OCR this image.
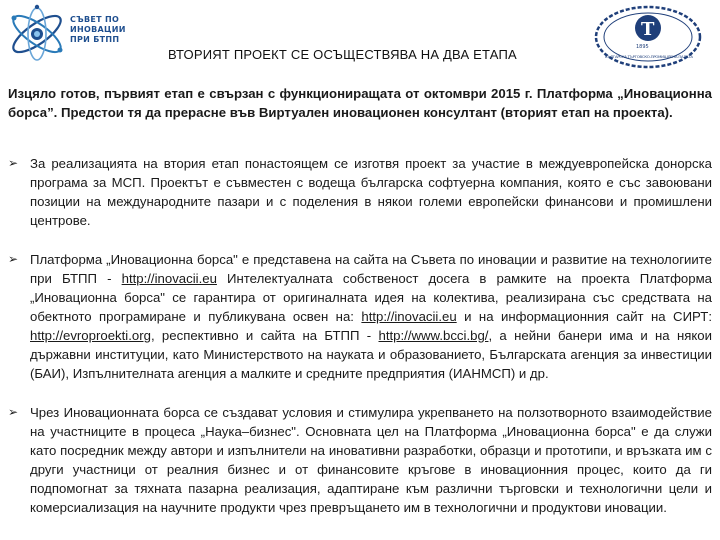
СЪВЕТ ПО
ИНОВАЦИИ
ПРИ БТПП	T
1895
БЪЛГАРСКА ТЪРГОВСКО-ПРОМИШЛЕНА ПАЛАТА
ВТОРИЯТ ПРОЕКТ СЕ ОСЪЩЕСТВЯВА НА ДВА ЕТАПА

Изцяло готов, първият етап е свързан с функциониращата от октомври 2015 г. Платформа „Иновационна борса”. Предстои тя да прерасне във Виртуален иновационен консултант (вторият етап на проекта).

➢ За реализацията на втория етап понастоящем се изготвя проект за участие в междуевропейска донорска програма за МСП. Проектът е съвместен с водеща българска софтуерна компания, която е със завоювани позиции на международните пазари и с поделения в някои големи европейски финансови и промишлени центрове.
➢ Платформа „Иновационна борса" е представена на сайта на Съвета по иновации и развитие на технологиите при БТПП - http://inovacii.eu Интелектуалната собственост досега в рамките на проекта Платформа „Иновационна борса" се гарантира от оригиналната идея на колектива, реализирана със средствата на обектното програмиране и публикувана освен на: http://inovacii.eu и на информационния сайт на СИРТ: http://evroproekti.org, респективно и сайта на БТПП - http://www.bcci.bg/, а нейни банери има и на някои държавни институции, като Министерството на науката и образованието, Българската агенция за инвестиции (БАИ), Изпълнителната агенция а малките и средните предприятия (ИАНМСП) и др.
➢ Чрез Иновационната борса се създават условия и стимулира укрепването на ползотворното взаимодействие на участниците в процеса „Наука–бизнес". Основната цел на Платформа „Иновационна борса" е да служи като посредник между автори и изпълнители на иновативни разработки, образци и прототипи, и връзката им с други участници от реалния бизнес и от финансовите кръгове в иновационния процес, които да ги подпомогнат за тяхната пазарна реализация, адаптиране към различни търговски и технологични цели и комерсиализация на научните продукти чрез превръщането им в технологични и продуктови иновации.
